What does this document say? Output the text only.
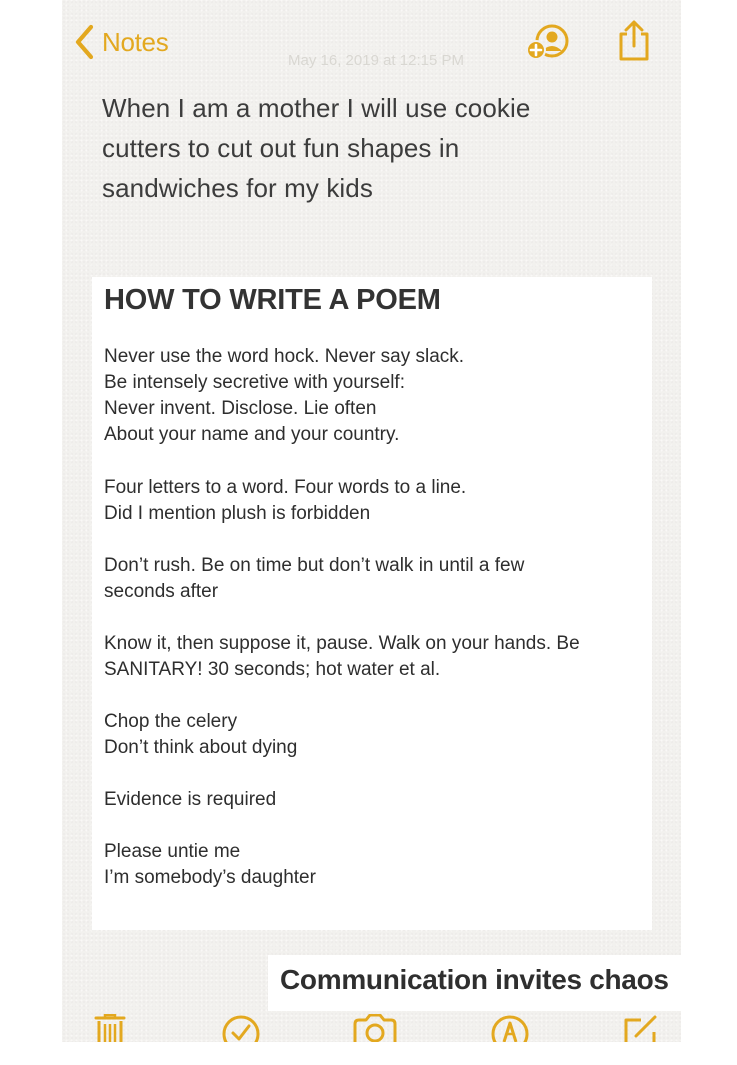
Notes
May 16, 2019 at 12:15 PM
When I am a mother I will use cookie
cutters to cut out fun shapes in
sandwiches for my kids
HOW TO WRITE A POEM
Never use the word hock. Never say slack.
Be intensely secretive with yourself:
Never invent. Disclose. Lie often
About your name and your country.
Four letters to a word. Four words to a line.
Did I mention plush is forbidden
Don’t rush. Be on time but don’t walk in until a few
seconds after
Know it, then suppose it, pause. Walk on your hands. Be
SANITARY! 30 seconds; hot water et al.
Chop the celery
Don’t think about dying
Evidence is required
Please untie me
I’m somebody’s daughter
Communication invites chaos
